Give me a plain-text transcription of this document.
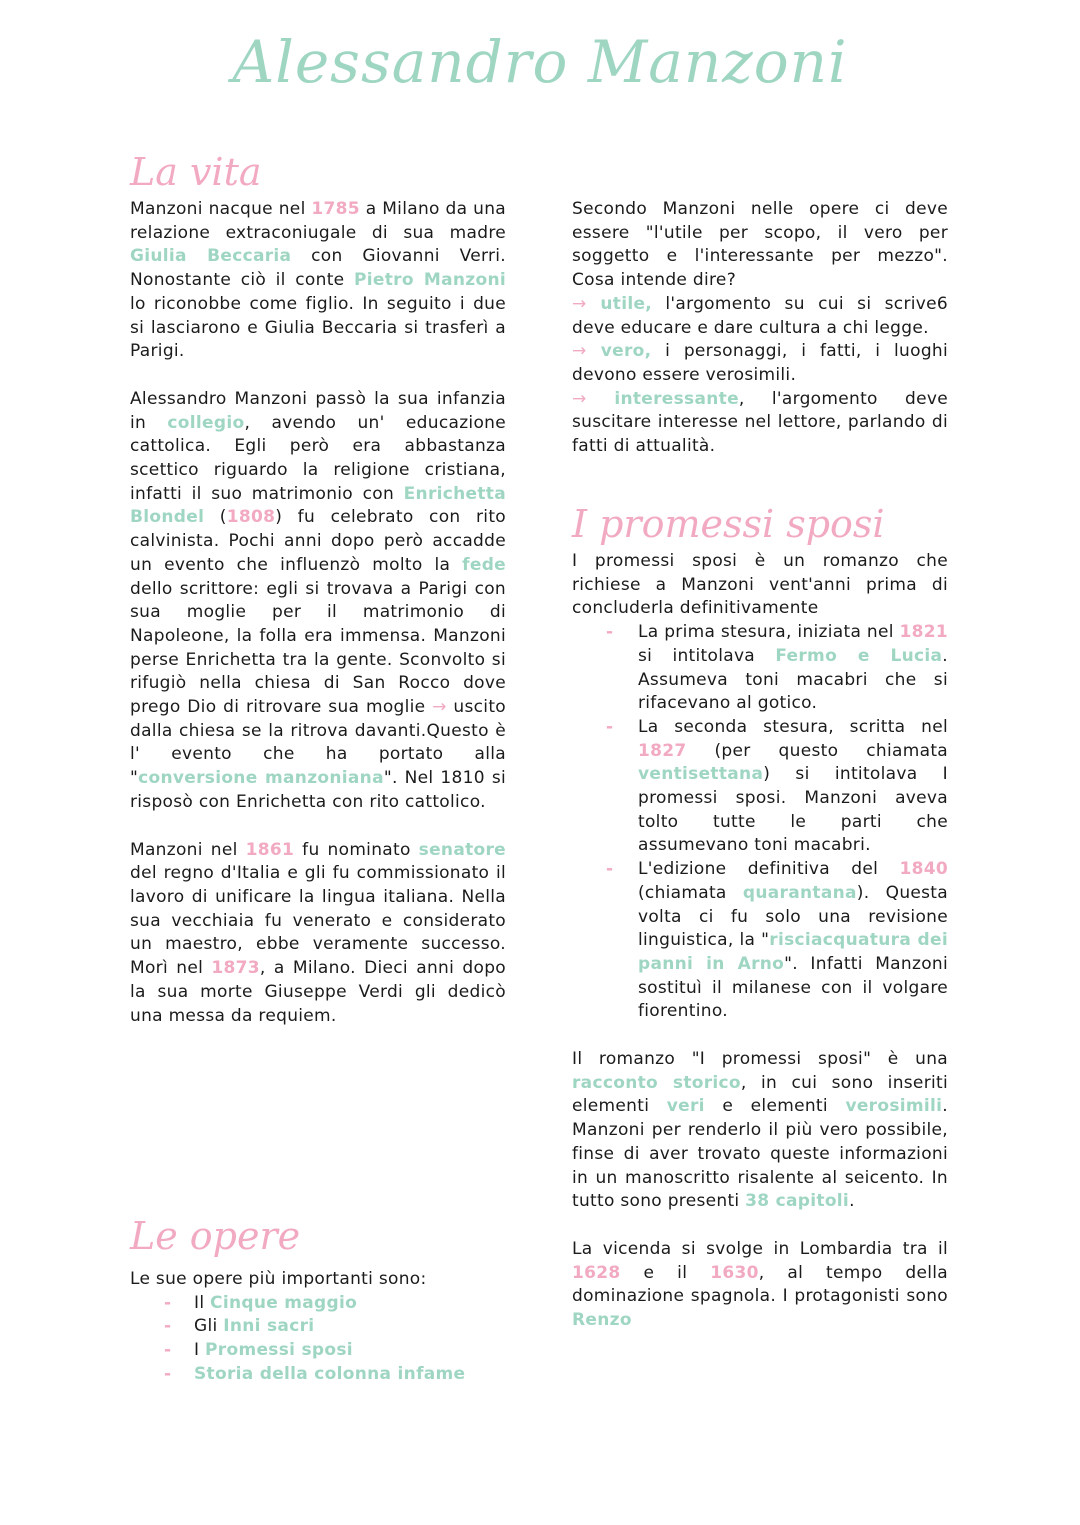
Alessandro Manzoni
La vita

Manzoni nacque nel 1785 a Milano da una relazione extraconiugale di sua madre Giulia Beccaria con Giovanni Verri. Nonostante ciò il conte Pietro Manzoni lo riconobbe come figlio. In seguito i due si lasciarono e Giulia Beccaria si trasferì a Parigi.

Alessandro Manzoni passò la sua infanzia in collegio, avendo un' educazione cattolica. Egli però era abbastanza scettico riguardo la religione cristiana, infatti il suo matrimonio con Enrichetta Blondel (1808) fu celebrato con rito calvinista. Pochi anni dopo però accadde un evento che influenzò molto la fede dello scrittore: egli si trovava a Parigi con sua moglie per il matrimonio di Napoleone, la folla era immensa. Manzoni perse Enrichetta tra la gente. Sconvolto si rifugiò nella chiesa di San Rocco dove prego Dio di ritrovare sua moglie → uscito dalla chiesa se la ritrova davanti.Questo è l' evento che ha portato alla "conversione manzoniana". Nel 1810 si risposò con Enrichetta con rito cattolico.

Manzoni nel 1861 fu nominato senatore del regno d'Italia e gli fu commissionato il lavoro di unificare la lingua italiana. Nella sua vecchiaia fu venerato e considerato un maestro, ebbe veramente successo. Morì nel 1873, a Milano. Dieci anni dopo la sua morte Giuseppe Verdi gli dedicò una messa da requiem.

Le opere

Le sue opere più importanti sono:

- Il Cinque maggio
- Gli Inni sacri
- I Promessi sposi
- Storia della colonna infame

Secondo Manzoni nelle opere ci deve essere "l'utile per scopo, il vero per soggetto e l'interessante per mezzo". Cosa intende dire?

→ utile, l'argomento su cui si scrive6 deve educare e dare cultura a chi legge.

→ vero, i personaggi, i fatti, i luoghi devono essere verosimili.

→ interessante, l'argomento deve suscitare interesse nel lettore, parlando di fatti di attualità.

I promessi sposi

I promessi sposi è un romanzo che richiese a Manzoni vent'anni prima di concluderla definitivamente

- La prima stesura, iniziata nel 1821 si intitolava Fermo e Lucia. Assumeva toni macabri che si rifacevano al gotico.
- La seconda stesura, scritta nel 1827 (per questo chiamata ventisettana) si intitolava I promessi sposi. Manzoni aveva tolto tutte le parti che assumevano toni macabri.
- L'edizione definitiva del 1840 (chiamata quarantana). Questa volta ci fu solo una revisione linguistica, la "risciacquatura dei panni in Arno". Infatti Manzoni sostituì il milanese con il volgare fiorentino.

Il romanzo "I promessi sposi" è una racconto storico, in cui sono inseriti elementi veri e elementi verosimili. Manzoni per renderlo il più vero possibile, finse di aver trovato queste informazioni in un manoscritto risalente al seicento. In tutto sono presenti 38 capitoli.

La vicenda si svolge in Lombardia tra il 1628 e il 1630, al tempo della dominazione spagnola. I protagonisti sono Renzo
